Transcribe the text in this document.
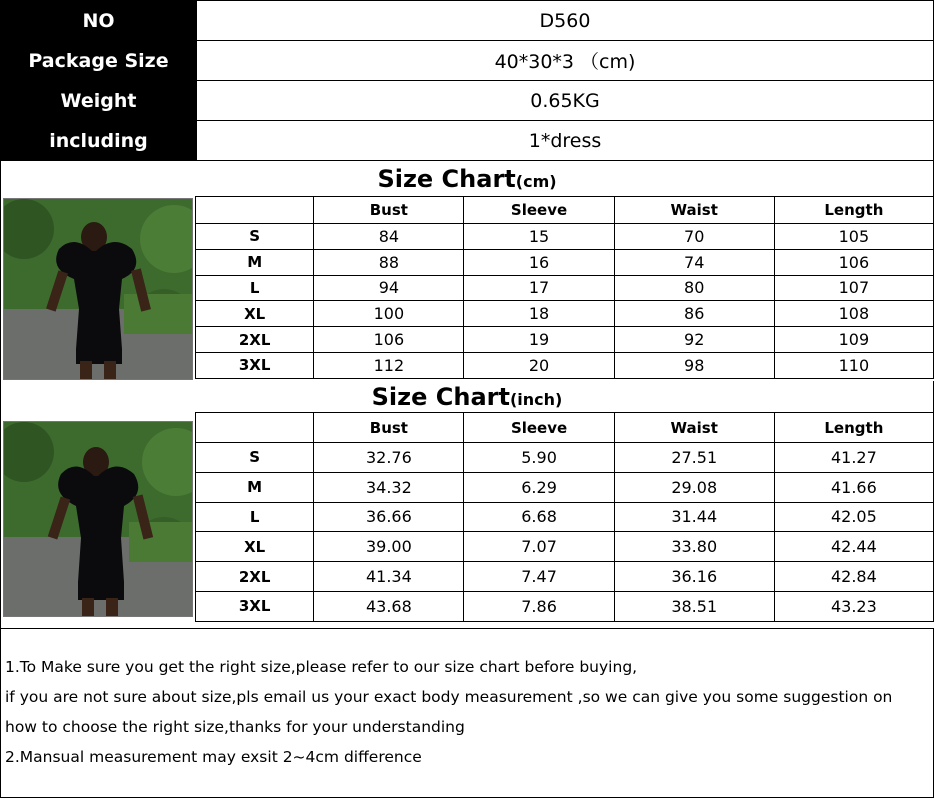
NO	D560
Package Size	40*30*3 （cm)
Weight	0.65KG
including	1*dress
Size Chart(cm)
	Bust	Sleeve	Waist	Length
S	84	15	70	105
M	88	16	74	106
L	94	17	80	107
XL	100	18	86	108
2XL	106	19	92	109
3XL	112	20	98	110
Size Chart(inch)
	Bust	Sleeve	Waist	Length
S	32.76	5.90	27.51	41.27
M	34.32	6.29	29.08	41.66
L	36.66	6.68	31.44	42.05
XL	39.00	7.07	33.80	42.44
2XL	41.34	7.47	36.16	42.84
3XL	43.68	7.86	38.51	43.23

1.To Make sure you get the right size,please refer to our size chart before buying,

if you are not sure about size,pls email us your exact body measurement ,so we can give you some suggestion on

how to choose the right size,thanks for your understanding

2.Mansual measurement may exsit 2~4cm difference
